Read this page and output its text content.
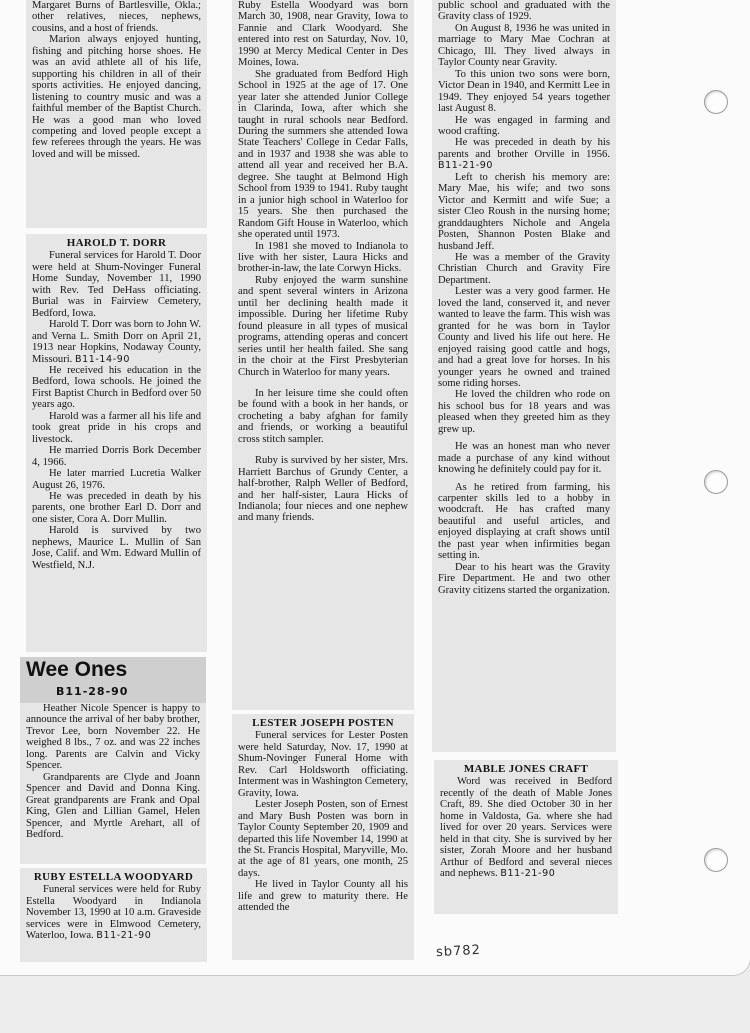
Margaret Burns of Bartlesville, Okla.; other relatives, nieces, nephews, cousins, and a host of friends.

Marion always enjoyed hunting, fishing and pitching horse shoes. He was an avid athlete all of his life, supporting his children in all of their sports activities. He enjoyed dancing, listening to country music and was a faithful member of the Baptist Church. He was a good man who loved competing and loved people except a few referees through the years. He was loved and will be missed.

HAROLD T. DORR

Funeral services for Harold T. Door were held at Shum-Novinger Funeral Home Sunday, November 11, 1990 with Rev. Ted DeHass officiating. Burial was in Fairview Cemetery, Bedford, Iowa.

Harold T. Dorr was born to John W. and Verna L. Smith Dorr on April 21, 1913 near Hopkins, Nodaway County, Missouri. B11-14-90

He received his education in the Bedford, Iowa schools. He joined the First Baptist Church in Bedford over 50 years ago.

Harold was a farmer all his life and took great pride in his crops and livestock.

He married Dorris Bork December 4, 1966.

He later married Lucretia Walker August 26, 1976.

He was preceded in death by his parents, one brother Earl D. Dorr and one sister, Cora A. Dorr Mullin.

Harold is survived by two nephews, Maurice L. Mullin of San Jose, Calif. and Wm. Edward Mullin of Westfield, N.J.

Wee Ones
B11-28-90

Heather Nicole Spencer is happy to announce the arrival of her baby brother, Trevor Lee, born November 22. He weighed 8 lbs., 7 oz. and was 22 inches long. Parents are Calvin and Vicky Spencer.

Grandparents are Clyde and Joann Spencer and David and Donna King. Great grandparents are Frank and Opal King, Glen and Lillian Gamel, Helen Spencer, and Myrtle Arehart, all of Bedford.

RUBY ESTELLA WOODYARD

Funeral services were held for Ruby Estella Woodyard in Indianola November 13, 1990 at 10 a.m. Graveside services were in Elmwood Cemetery, Waterloo, Iowa. B11-21-90

Ruby Estella Woodyard was born March 30, 1908, near Gravity, Iowa to Fannie and Clark Woodyard. She entered into rest on Saturday, Nov. 10, 1990 at Mercy Medical Center in Des Moines, Iowa.

She graduated from Bedford High School in 1925 at the age of 17. One year later she attended Junior College in Clarinda, Iowa, after which she taught in rural schools near Bedford. During the summers she attended Iowa State Teachers' College in Cedar Falls, and in 1937 and 1938 she was able to attend all year and received her B.A. degree. She taught at Belmond High School from 1939 to 1941. Ruby taught in a junior high school in Waterloo for 15 years. She then purchased the Random Gift House in Waterloo, which she operated until 1973.

In 1981 she moved to Indianola to live with her sister, Laura Hicks and brother-in-law, the late Corwyn Hicks.

Ruby enjoyed the warm sunshine and spent several winters in Arizona until her declining health made it impossible. During her lifetime Ruby found pleasure in all types of musical programs, attending operas and concert series until her health failed. She sang in the choir at the First Presbyterian Church in Waterloo for many years.

In her leisure time she could often be found with a book in her hands, or crocheting a baby afghan for family and friends, or working a beautiful cross stitch sampler.

Ruby is survived by her sister, Mrs. Harriett Barchus of Grundy Center, a half-brother, Ralph Weller of Bedford, and her half-sister, Laura Hicks of Indianola; four nieces and one nephew and many friends.

LESTER JOSEPH POSTEN

Funeral services for Lester Posten were held Saturday, Nov. 17, 1990 at Shum-Novinger Funeral Home with Rev. Carl Holdsworth officiating. Interment was in Washington Cemetery, Gravity, Iowa.

Lester Joseph Posten, son of Ernest and Mary Bush Posten was born in Taylor County September 20, 1909 and departed this life November 14, 1990 at the St. Francis Hospital, Maryville, Mo. at the age of 81 years, one month, 25 days.

He lived in Taylor County all his life and grew to maturity there. He attended the

public school and graduated with the Gravity class of 1929.

On August 8, 1936 he was united in marriage to Mary Mae Cochran at Chicago, Ill. They lived always in Taylor County near Gravity.

To this union two sons were born, Victor Dean in 1940, and Kermitt Lee in 1949. They enjoyed 54 years together last August 8.

He was engaged in farming and wood crafting.

He was preceded in death by his parents and brother Orville in 1956. B11-21-90

Left to cherish his memory are: Mary Mae, his wife; and two sons Victor and Kermitt and wife Sue; a sister Cleo Roush in the nursing home; granddaughters Nichole and Angela Posten, Shannon Posten Blake and husband Jeff.

He was a member of the Gravity Christian Church and Gravity Fire Department.

Lester was a very good farmer. He loved the land, conserved it, and never wanted to leave the farm. This wish was granted for he was born in Taylor County and lived his life out here. He enjoyed raising good cattle and hogs, and had a great love for horses. In his younger years he owned and trained some riding horses.

He loved the children who rode on his school bus for 18 years and was pleased when they greeted him as they grew up.

He was an honest man who never made a purchase of any kind without knowing he definitely could pay for it.

As he retired from farming, his carpenter skills led to a hobby in woodcraft. He has crafted many beautiful and useful articles, and enjoyed displaying at craft shows until the past year when infirmities began setting in.

Dear to his heart was the Gravity Fire Department. He and two other Gravity citizens started the organization.

MABLE JONES CRAFT

Word was received in Bedford recently of the death of Mable Jones Craft, 89. She died October 30 in her home in Valdosta, Ga. where she had lived for over 20 years. Services were held in that city. She is survived by her sister, Zorah Moore and her husband Arthur of Bedford and several nieces and nephews. B11-21-90

sb782
